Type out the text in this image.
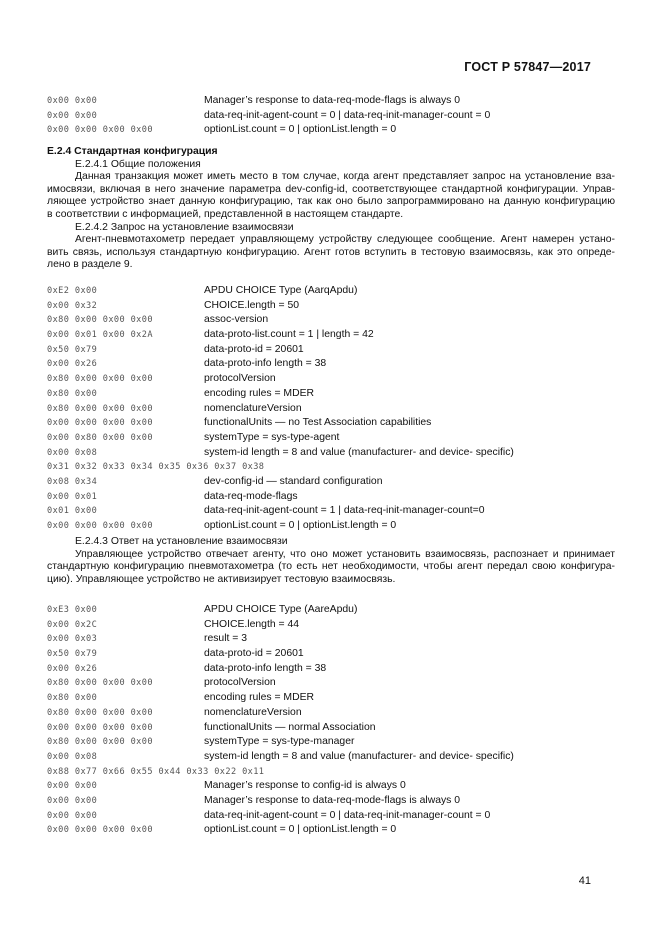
ГОСТ Р 57847—2017
0x00 0x00	Manager’s response to data-req-mode-flags is always 0
0x00 0x00	data-req-init-agent-count = 0 | data-req-init-manager-count = 0
0x00 0x00 0x00 0x00	optionList.count = 0 | optionList.length = 0
Е.2.4 Стандартная конфигурация
Е.2.4.1 Общие положения
Данная транзакция может иметь место в том случае, когда агент представляет запрос на установление вза-
имосвязи, включая в него значение параметра dev-config-id, соответствующее стандартной конфигурации. Управ-
ляющее устройство знает данную конфигурацию, так как оно было запрограммировано на данную конфигурацию
в соответствии с информацией, представленной в настоящем стандарте.
Е.2.4.2 Запрос на установление взаимосвязи
Агент-пневмотахометр передает управляющему устройству следующее сообщение. Агент намерен устано-
вить связь, используя стандартную конфигурацию. Агент готов вступить в тестовую взаимосвязь, как это опреде-
лено в разделе 9.
0xE2 0x00	APDU CHOICE Type (AarqApdu)
0x00 0x32	CHOICE.length = 50
0x80 0x00 0x00 0x00	assoc-version
0x00 0x01 0x00 0x2A	data-proto-list.count = 1 | length = 42
0x50 0x79	data-proto-id = 20601
0x00 0x26	data-proto-info length = 38
0x80 0x00 0x00 0x00	protocolVersion
0x80 0x00	encoding rules = MDER
0x80 0x00 0x00 0x00	nomenclatureVersion
0x00 0x00 0x00 0x00	functionalUnits — no Test Association capabilities
0x00 0x80 0x00 0x00	systemType = sys-type-agent
0x00 0x08	system-id length = 8 and value (manufacturer- and device- specific)
0x31 0x32 0x33 0x34 0x35 0x36 0x37 0x38
0x08 0x34	dev-config-id — standard configuration
0x00 0x01	data-req-mode-flags
0x01 0x00	data-req-init-agent-count = 1 | data-req-init-manager-count=0
0x00 0x00 0x00 0x00	optionList.count = 0 | optionList.length = 0
Е.2.4.3 Ответ на установление взаимосвязи
Управляющее устройство отвечает агенту, что оно может установить взаимосвязь, распознает и принимает
стандартную конфигурацию пневмотахометра (то есть нет необходимости, чтобы агент передал свою конфигура-
цию). Управляющее устройство не активизирует тестовую взаимосвязь.
0xE3 0x00	APDU CHOICE Type (AareApdu)
0x00 0x2C	CHOICE.length = 44
0x00 0x03	result = 3
0x50 0x79	data-proto-id = 20601
0x00 0x26	data-proto-info length = 38
0x80 0x00 0x00 0x00	protocolVersion
0x80 0x00	encoding rules = MDER
0x80 0x00 0x00 0x00	nomenclatureVersion
0x00 0x00 0x00 0x00	functionalUnits — normal Association
0x80 0x00 0x00 0x00	systemType = sys-type-manager
0x00 0x08	system-id length = 8 and value (manufacturer- and device- specific)
0x88 0x77 0x66 0x55 0x44 0x33 0x22 0x11
0x00 0x00	Manager’s response to config-id is always 0
0x00 0x00	Manager’s response to data-req-mode-flags is always 0
0x00 0x00	data-req-init-agent-count = 0 | data-req-init-manager-count = 0
0x00 0x00 0x00 0x00	optionList.count = 0 | optionList.length = 0
41
